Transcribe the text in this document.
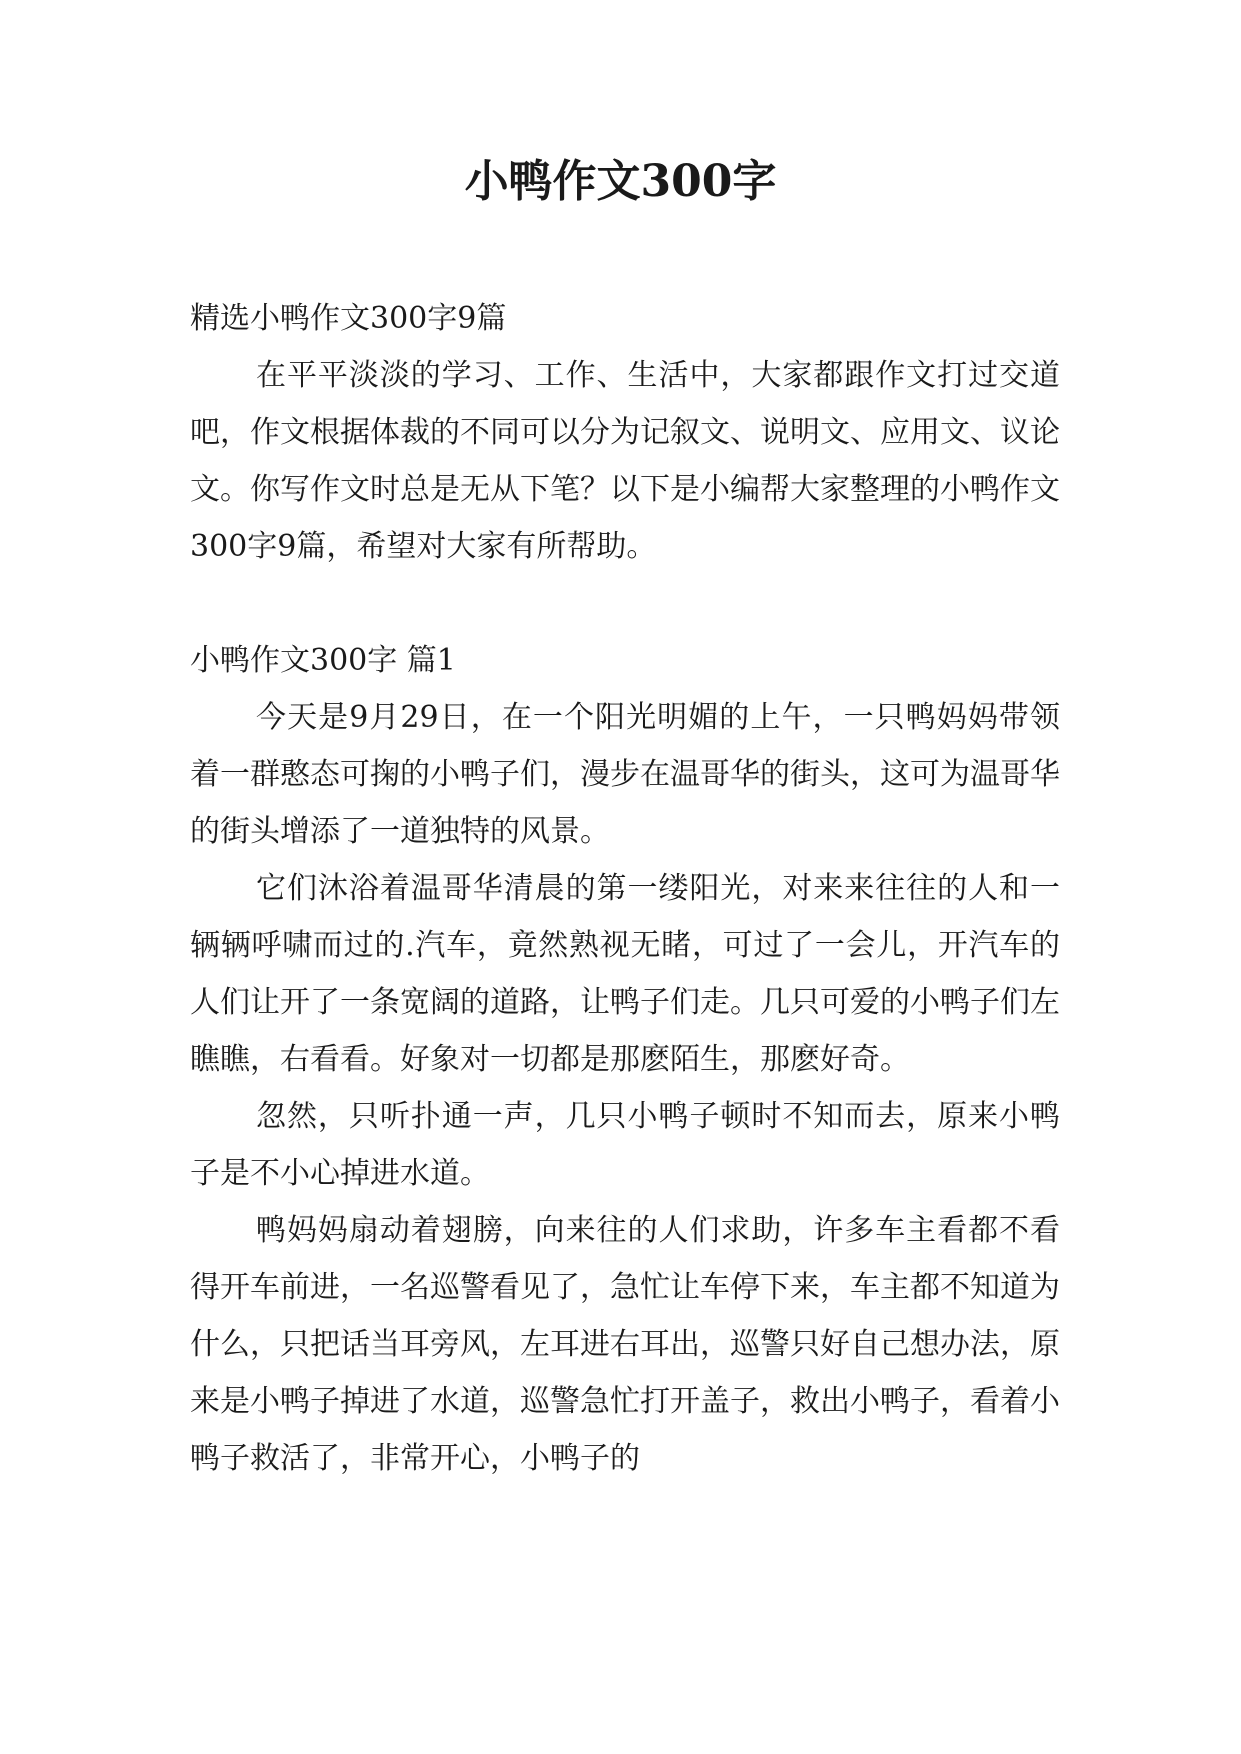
小鸭作文300字

精选小鸭作文300字9篇

在平平淡淡的学习、工作、生活中，大家都跟作文打过交道吧，作文根据体裁的不同可以分为记叙文、说明文、应用文、议论文。你写作文时总是无从下笔？以下是小编帮大家整理的小鸭作文300字9篇，希望对大家有所帮助。

小鸭作文300字 篇1

今天是9月29日，在一个阳光明媚的上午，一只鸭妈妈带领着一群憨态可掬的小鸭子们，漫步在温哥华的街头，这可为温哥华的街头增添了一道独特的风景。

它们沐浴着温哥华清晨的第一缕阳光，对来来往往的人和一辆辆呼啸而过的.汽车，竟然熟视无睹，可过了一会儿，开汽车的人们让开了一条宽阔的道路，让鸭子们走。几只可爱的小鸭子们左瞧瞧，右看看。好象对一切都是那麽陌生，那麽好奇。

忽然，只听扑通一声，几只小鸭子顿时不知而去，原来小鸭子是不小心掉进水道。

鸭妈妈扇动着翅膀，向来往的人们求助，许多车主看都不看得开车前进，一名巡警看见了，急忙让车停下来，车主都不知道为什么，只把话当耳旁风，左耳进右耳出，巡警只好自己想办法，原来是小鸭子掉进了水道，巡警急忙打开盖子，救出小鸭子，看着小鸭子救活了，非常开心，小鸭子的
